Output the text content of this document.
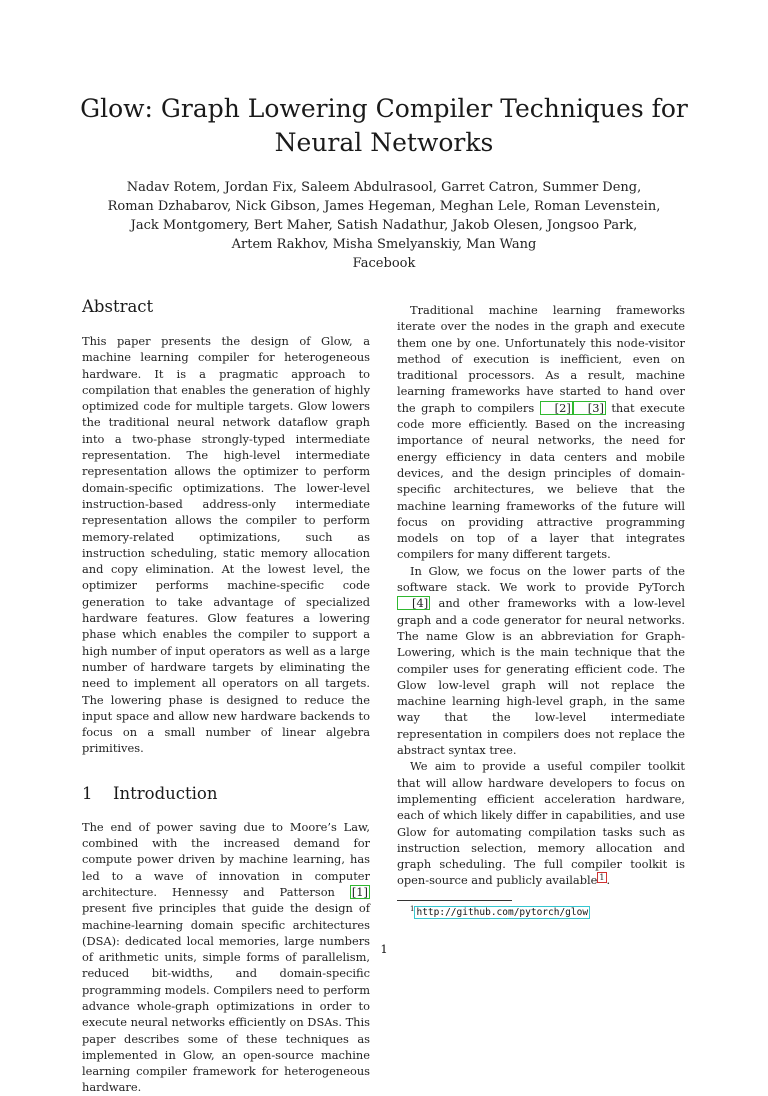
Glow: Graph Lowering Compiler Techniques for
Neural Networks
Nadav Rotem, Jordan Fix, Saleem Abdulrasool, Garret Catron, Summer Deng,
Roman Dzhabarov, Nick Gibson, James Hegeman, Meghan Lele, Roman Levenstein,
Jack Montgomery, Bert Maher, Satish Nadathur, Jakob Olesen, Jongsoo Park,
Artem Rakhov, Misha Smelyanskiy, Man Wang
Facebook
Abstract

This paper presents the design of Glow, a machine learning compiler for heterogeneous hardware. It is a pragmatic approach to compilation that enables the generation of highly optimized code for multiple targets. Glow lowers the traditional neural network dataflow graph into a two-phase strongly-typed intermediate representation. The high-level intermediate representation allows the optimizer to perform domain-specific optimizations. The lower-level instruction-based address-only intermediate representation allows the compiler to perform memory-related optimizations, such as instruction scheduling, static memory allocation and copy elimination. At the lowest level, the optimizer performs machine-specific code generation to take advantage of specialized hardware features. Glow features a lowering phase which enables the compiler to support a high number of input operators as well as a large number of hardware targets by eliminating the need to implement all operators on all targets. The lowering phase is designed to reduce the input space and allow new hardware backends to focus on a small number of linear algebra primitives.

1 Introduction

The end of power saving due to Moore’s Law, combined with the increased demand for compute power driven by machine learning, has led to a wave of innovation in computer architecture. Hennessy and Patterson [1] present five principles that guide the design of machine-learning domain specific architectures (DSA): dedicated local memories, large numbers of arithmetic units, simple forms of parallelism, reduced bit-widths, and domain-specific programming models. Compilers need to perform advance whole-graph optimizations in order to execute neural networks efficiently on DSAs. This paper describes some of these techniques as implemented in Glow, an open-source machine learning compiler framework for heterogeneous hardware.

Traditional machine learning frameworks iterate over the nodes in the graph and execute them one by one. Unfortunately this node-visitor method of execution is inefficient, even on traditional processors. As a result, machine learning frameworks have started to hand over the graph to compilers [2] [3] that execute code more efficiently. Based on the increasing importance of neural networks, the need for energy efficiency in data centers and mobile devices, and the design principles of domain-specific architectures, we believe that the machine learning frameworks of the future will focus on providing attractive programming models on top of a layer that integrates compilers for many different targets.

In Glow, we focus on the lower parts of the software stack. We work to provide PyTorch [4] and other frameworks with a low-level graph and a code generator for neural networks. The name Glow is an abbreviation for Graph-Lowering, which is the main technique that the compiler uses for generating efficient code. The Glow low-level graph will not replace the machine learning high-level graph, in the same way that the low-level intermediate representation in compilers does not replace the abstract syntax tree.

We aim to provide a useful compiler toolkit that will allow hardware developers to focus on implementing efficient acceleration hardware, each of which likely differ in capabilities, and use Glow for automating compilation tasks such as instruction selection, memory allocation and graph scheduling. The full compiler toolkit is open-source and publicly available $^1$ .

$^1$ http://github.com/pytorch/glow
1
